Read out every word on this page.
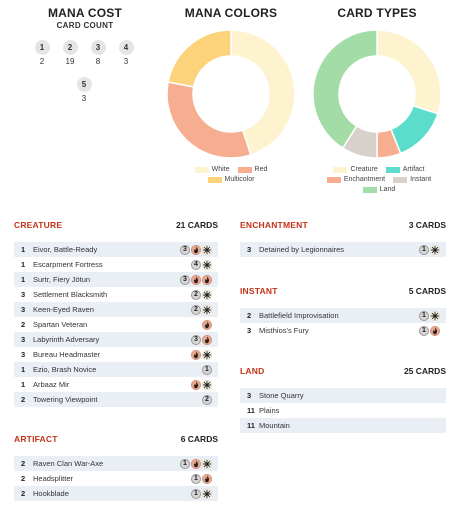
MANA COST
CARD COUNT
1
2
2
19
3
8
4
3
5
3
MANA COLORS
White	Red
Multicolor
CARD TYPES
Creature	Artifact
Enchantment	Instant
Land
CREATURE	21 CARDS
1	Eivor, Battle-Ready	3
1	Escarpment Fortress	4
1	Surtr, Fiery Jötun	3
3	Settlement Blacksmith	2
3	Keen-Eyed Raven	2
2	Spartan Veteran
3	Labyrinth Adversary	3
3	Bureau Headmaster
1	Ezio, Brash Novice	1
1	Arbaaz Mir
2	Towering Viewpoint	2
ARTIFACT	6 CARDS
2	Raven Clan War-Axe	1
2	Headsplitter	1
2	Hookblade	1
ENCHANTMENT	3 CARDS
3	Detained by Legionnaires	1
INSTANT	5 CARDS
2	Battlefield Improvisation	1
3	Misthios's Fury	1
LAND	25 CARDS
3	Stone Quarry
11 Plains
11 Mountain
